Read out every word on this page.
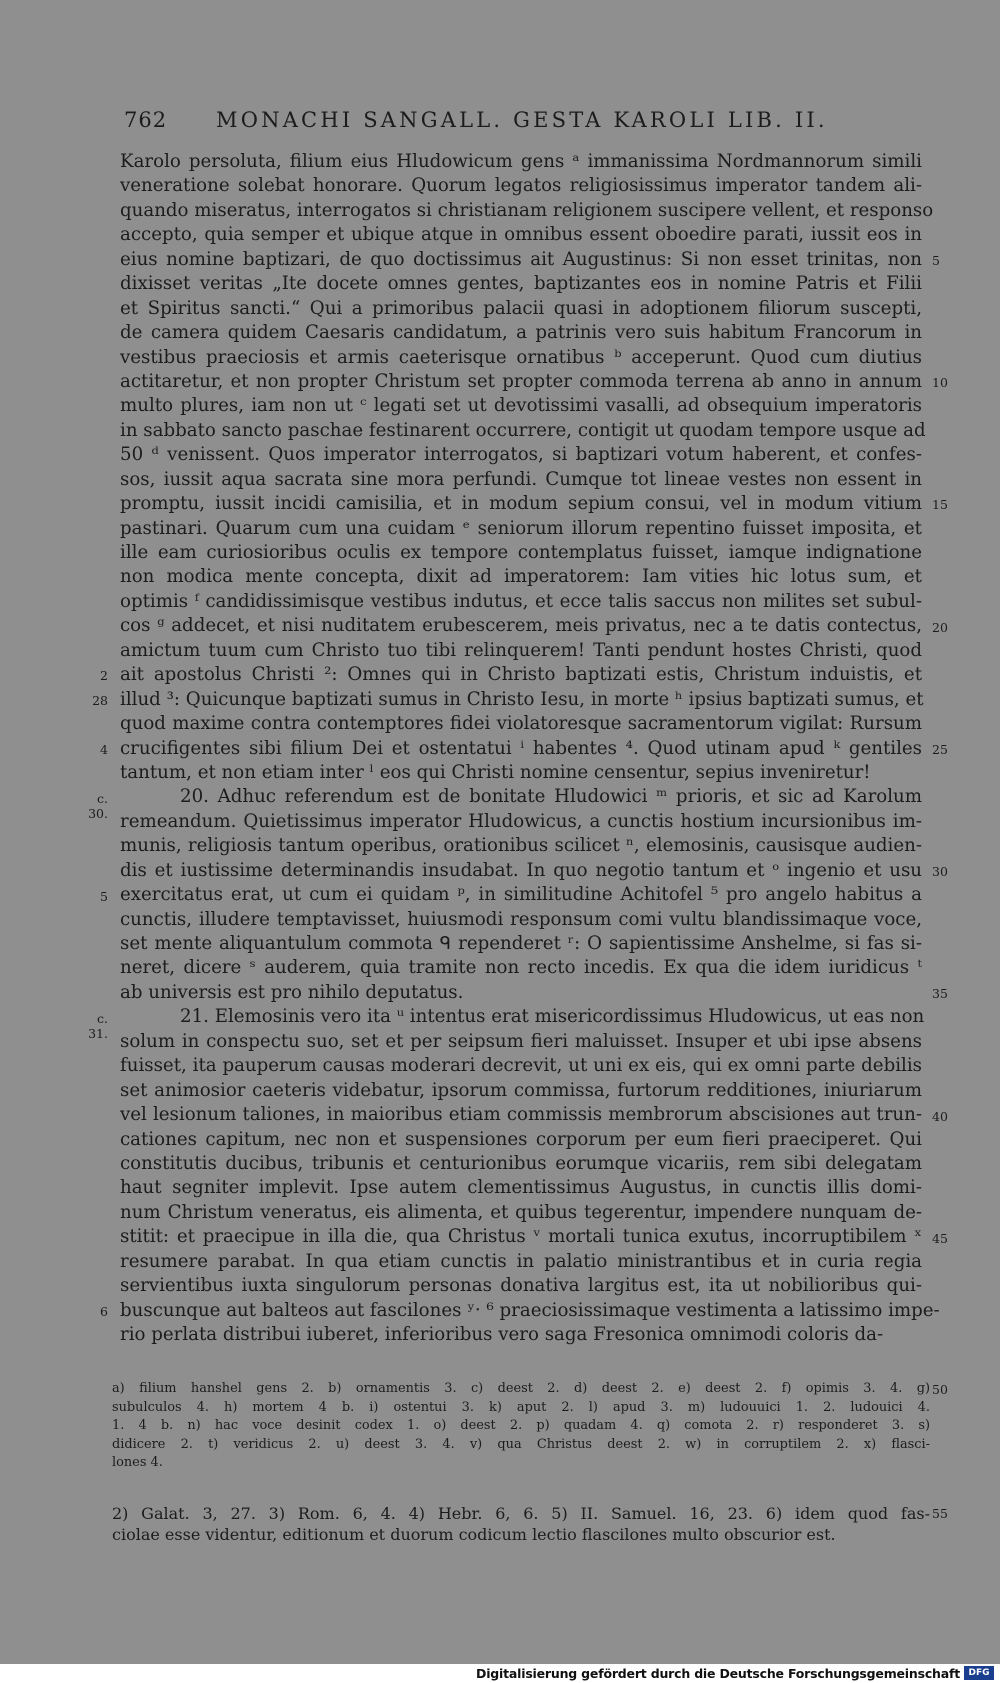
762 MONACHI SANGALL. GESTA KAROLI LIB. II.
Karolo persoluta, filium eius Hludowicum gens ᵃ immanissima Nordmannorum simili
veneratione solebat honorare. Quorum legatos religiosissimus imperator tandem ali-
quando miseratus, interrogatos si christianam religionem suscipere vellent, et responso
accepto, quia semper et ubique atque in omnibus essent oboedire parati, iussit eos in
eius nomine baptizari, de quo doctissimus ait Augustinus: Si non esset trinitas, non
dixisset veritas „Ite docete omnes gentes, baptizantes eos in nomine Patris et Filii
et Spiritus sancti.“ Qui a primoribus palacii quasi in adoptionem filiorum suscepti,
de camera quidem Caesaris candidatum, a patrinis vero suis habitum Francorum in
vestibus praeciosis et armis caeterisque ornatibus ᵇ acceperunt. Quod cum diutius
actitaretur, et non propter Christum set propter commoda terrena ab anno in annum
multo plures, iam non ut ᶜ legati set ut devotissimi vasalli, ad obsequium imperatoris
in sabbato sancto paschae festinarent occurrere, contigit ut quodam tempore usque ad
50 ᵈ venissent. Quos imperator interrogatos, si baptizari votum haberent, et confes-
sos, iussit aqua sacrata sine mora perfundi. Cumque tot lineae vestes non essent in
promptu, iussit incidi camisilia, et in modum sepium consui, vel in modum vitium
pastinari. Quarum cum una cuidam ᵉ seniorum illorum repentino fuisset imposita, et
ille eam curiosioribus oculis ex tempore contemplatus fuisset, iamque indignatione
non modica mente concepta, dixit ad imperatorem: Iam vities hic lotus sum, et
optimis ᶠ candidissimisque vestibus indutus, et ecce talis saccus non milites set subul-
cos ᵍ addecet, et nisi nuditatem erubescerem, meis privatus, nec a te datis contectus,
amictum tuum cum Christo tuo tibi relinquerem! Tanti pendunt hostes Christi, quod
ait apostolus Christi ²: Omnes qui in Christo baptizati estis, Christum induistis, et
illud ³: Quicunque baptizati sumus in Christo Iesu, in morte ʰ ipsius baptizati sumus, et
quod maxime contra contemptores fidei violatoresque sacramentorum vigilat: Rursum
crucifigentes sibi filium Dei et ostentatui ⁱ habentes ⁴. Quod utinam apud ᵏ gentiles
tantum, et non etiam inter ˡ eos qui Christi nomine censentur, sepius inveniretur!
20. Adhuc referendum est de bonitate Hludowici ᵐ prioris, et sic ad Karolum
remeandum. Quietissimus imperator Hludowicus, a cunctis hostium incursionibus im-
munis, religiosis tantum operibus, orationibus scilicet ⁿ, elemosinis, causisque audien-
dis et iustissime determinandis insudabat. In quo negotio tantum et ᵒ ingenio et usu
exercitatus erat, ut cum ei quidam ᵖ, in similitudine Achitofel ⁵ pro angelo habitus a
cunctis, illudere temptavisset, huiusmodi responsum comi vultu blandissimaque voce,
set mente aliquantulum commota ᑫ rependeret ʳ: O sapientissime Anshelme, si fas si-
neret, dicere ˢ auderem, quia tramite non recto incedis. Ex qua die idem iuridicus ᵗ
ab universis est pro nihilo deputatus.
21. Elemosinis vero ita ᵘ intentus erat misericordissimus Hludowicus, ut eas non
solum in conspectu suo, set et per seipsum fieri maluisset. Insuper et ubi ipse absens
fuisset, ita pauperum causas moderari decrevit, ut uni ex eis, qui ex omni parte debilis
set animosior caeteris videbatur, ipsorum commissa, furtorum redditiones, iniuriarum
vel lesionum taliones, in maioribus etiam commissis membrorum abscisiones aut trun-
cationes capitum, nec non et suspensiones corporum per eum fieri praeciperet. Qui
constitutis ducibus, tribunis et centurionibus eorumque vicariis, rem sibi delegatam
haut segniter implevit. Ipse autem clementissimus Augustus, in cunctis illis domi-
num Christum veneratus, eis alimenta, et quibus tegerentur, impendere nunquam de-
stitit: et praecipue in illa die, qua Christus ᵛ mortali tunica exutus, incorruptibilem ˣ
resumere parabat. In qua etiam cunctis in palatio ministrantibus et in curia regia
servientibus iuxta singulorum personas donativa largitus est, ita ut nobilioribus qui-
buscunque aut balteos aut fascilones ʸ· ⁶ praeciosissimaque vestimenta a latissimo impe-
rio perlata distribui iuberet, inferioribus vero saga Fresonica omnimodi coloris da-
5
10
15
20
25
30
35
40
45
50
55
2
28
4
c. 30.
5
c. 31.
6
a) filium hanshel gens 2. b) ornamentis 3. c) deest 2. d) deest 2. e) deest 2. f) opimis 3. 4. g)
subulculos 4. h) mortem 4 b. i) ostentui 3. k) aput 2. l) apud 3. m) ludouuici 1. 2. ludouici 4.
1. 4 b. n) hac voce desinit codex 1. o) deest 2. p) quadam 4. q) comota 2. r) responderet 3. s)
didicere 2. t) veridicus 2. u) deest 3. 4. v) qua Christus deest 2. w) in corruptilem 2. x) flasci-
lones 4.
2) Galat. 3, 27. 3) Rom. 6, 4. 4) Hebr. 6, 6. 5) II. Samuel. 16, 23. 6) idem quod fas-
ciolae esse videntur, editionum et duorum codicum lectio flascilones multo obscurior est.
Digitalisierung gefördert durch die Deutsche Forschungsgemeinschaft DFG
